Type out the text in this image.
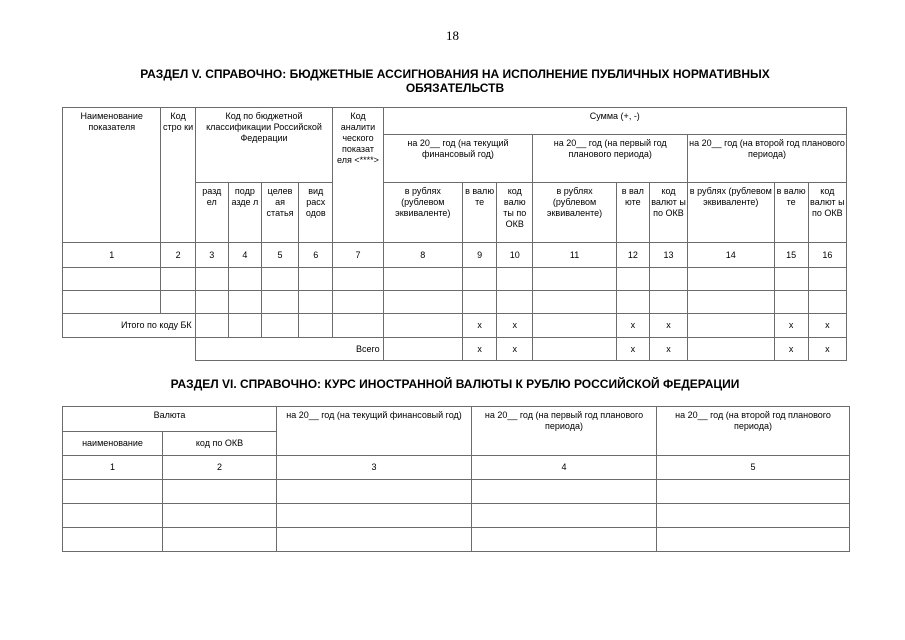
18
РАЗДЕЛ V. СПРАВОЧНО: БЮДЖЕТНЫЕ АССИГНОВАНИЯ НА ИСПОЛНЕНИЕ ПУБЛИЧНЫХ НОРМАТИВНЫХ
ОБЯЗАТЕЛЬСТВ
Наименование показателя	Код стро ки	Код по бюджетной классификации Российской Федерации				Код аналити ческого показат еля <****>	Сумма (+, -)								
							на 20__ год (на текущий финансовый год)			на 20__ год (на первый год планового периода)			на 20__ год (на второй год планового периода)		
		разд ел	подр азде л	целев ая статья	вид расх одов		в рублях (рублевом эквиваленте)	в валю те	код валю ты по ОКВ	в рублях (рублевом эквиваленте)	в вал юте	код валют ы по ОКВ	в рублях (рублевом эквиваленте)	в валю те	код валют ы по ОКВ
1	2	3	4	5	6	7	8	9	10	11	12	13	14	15	16

Итого по коду БК								x	x		x	x		x	x
		Всего						x	x		x	x		x	x
РАЗДЕЛ VI. СПРАВОЧНО: КУРС ИНОСТРАННОЙ ВАЛЮТЫ К РУБЛЮ РОССИЙСКОЙ ФЕДЕРАЦИИ
Валюта		на 20__ год (на текущий финансовый год)	на 20__ год (на первый год планового периода)	на 20__ год (на второй год планового периода)
наименование	код по ОКВ			
1	2	3	4	5
